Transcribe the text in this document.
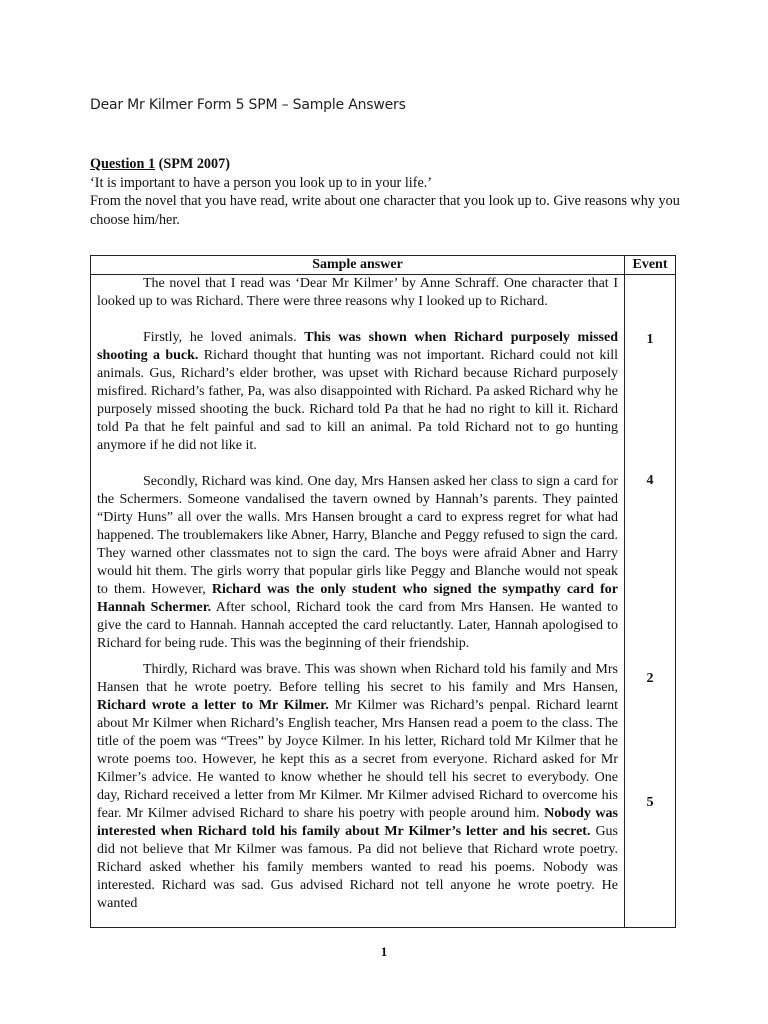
Dear Mr Kilmer Form 5 SPM – Sample Answers
Question 1 (SPM 2007)
‘It is important to have a person you look up to in your life.’
From the novel that you have read, write about one character that you look up to. Give reasons why you choose him/her.
Sample answer	Event

The novel that I read was ‘Dear Mr Kilmer’ by Anne Schraff. One character that I looked up to was Richard. There were three reasons why I looked up to Richard.

Firstly, he loved animals. This was shown when Richard purposely missed shooting a buck. Richard thought that hunting was not important. Richard could not kill animals. Gus, Richard’s elder brother, was upset with Richard because Richard purposely misfired. Richard’s father, Pa, was also disappointed with Richard. Pa asked Richard why he purposely missed shooting the buck. Richard told Pa that he had no right to kill it. Richard told Pa that he felt painful and sad to kill an animal. Pa told Richard not to go hunting anymore if he did not like it.

Secondly, Richard was kind. One day, Mrs Hansen asked her class to sign a card for the Schermers. Someone vandalised the tavern owned by Hannah’s parents. They painted “Dirty Huns” all over the walls. Mrs Hansen brought a card to express regret for what had happened. The troublemakers like Abner, Harry, Blanche and Peggy refused to sign the card. They warned other classmates not to sign the card. The boys were afraid Abner and Harry would hit them. The girls worry that popular girls like Peggy and Blanche would not speak to them. However, Richard was the only student who signed the sympathy card for Hannah Schermer. After school, Richard took the card from Mrs Hansen. He wanted to give the card to Hannah. Hannah accepted the card reluctantly. Later, Hannah apologised to Richard for being rude. This was the beginning of their friendship.

Thirdly, Richard was brave. This was shown when Richard told his family and Mrs Hansen that he wrote poetry. Before telling his secret to his family and Mrs Hansen, Richard wrote a letter to Mr Kilmer. Mr Kilmer was Richard’s penpal. Richard learnt about Mr Kilmer when Richard’s English teacher, Mrs Hansen read a poem to the class. The title of the poem was “Trees” by Joyce Kilmer. In his letter, Richard told Mr Kilmer that he wrote poems too. However, he kept this as a secret from everyone. Richard asked for Mr Kilmer’s advice. He wanted to know whether he should tell his secret to everybody. One day, Richard received a letter from Mr Kilmer. Mr Kilmer advised Richard to overcome his fear. Mr Kilmer advised Richard to share his poetry with people around him. Nobody was interested when Richard told his family about Mr Kilmer’s letter and his secret. Gus did not believe that Mr Kilmer was famous. Pa did not believe that Richard wrote poetry. Richard asked whether his family members wanted to read his poems. Nobody was interested. Richard was sad. Gus advised Richard not tell anyone he wrote poetry. He wanted

1
4
2
5
1
